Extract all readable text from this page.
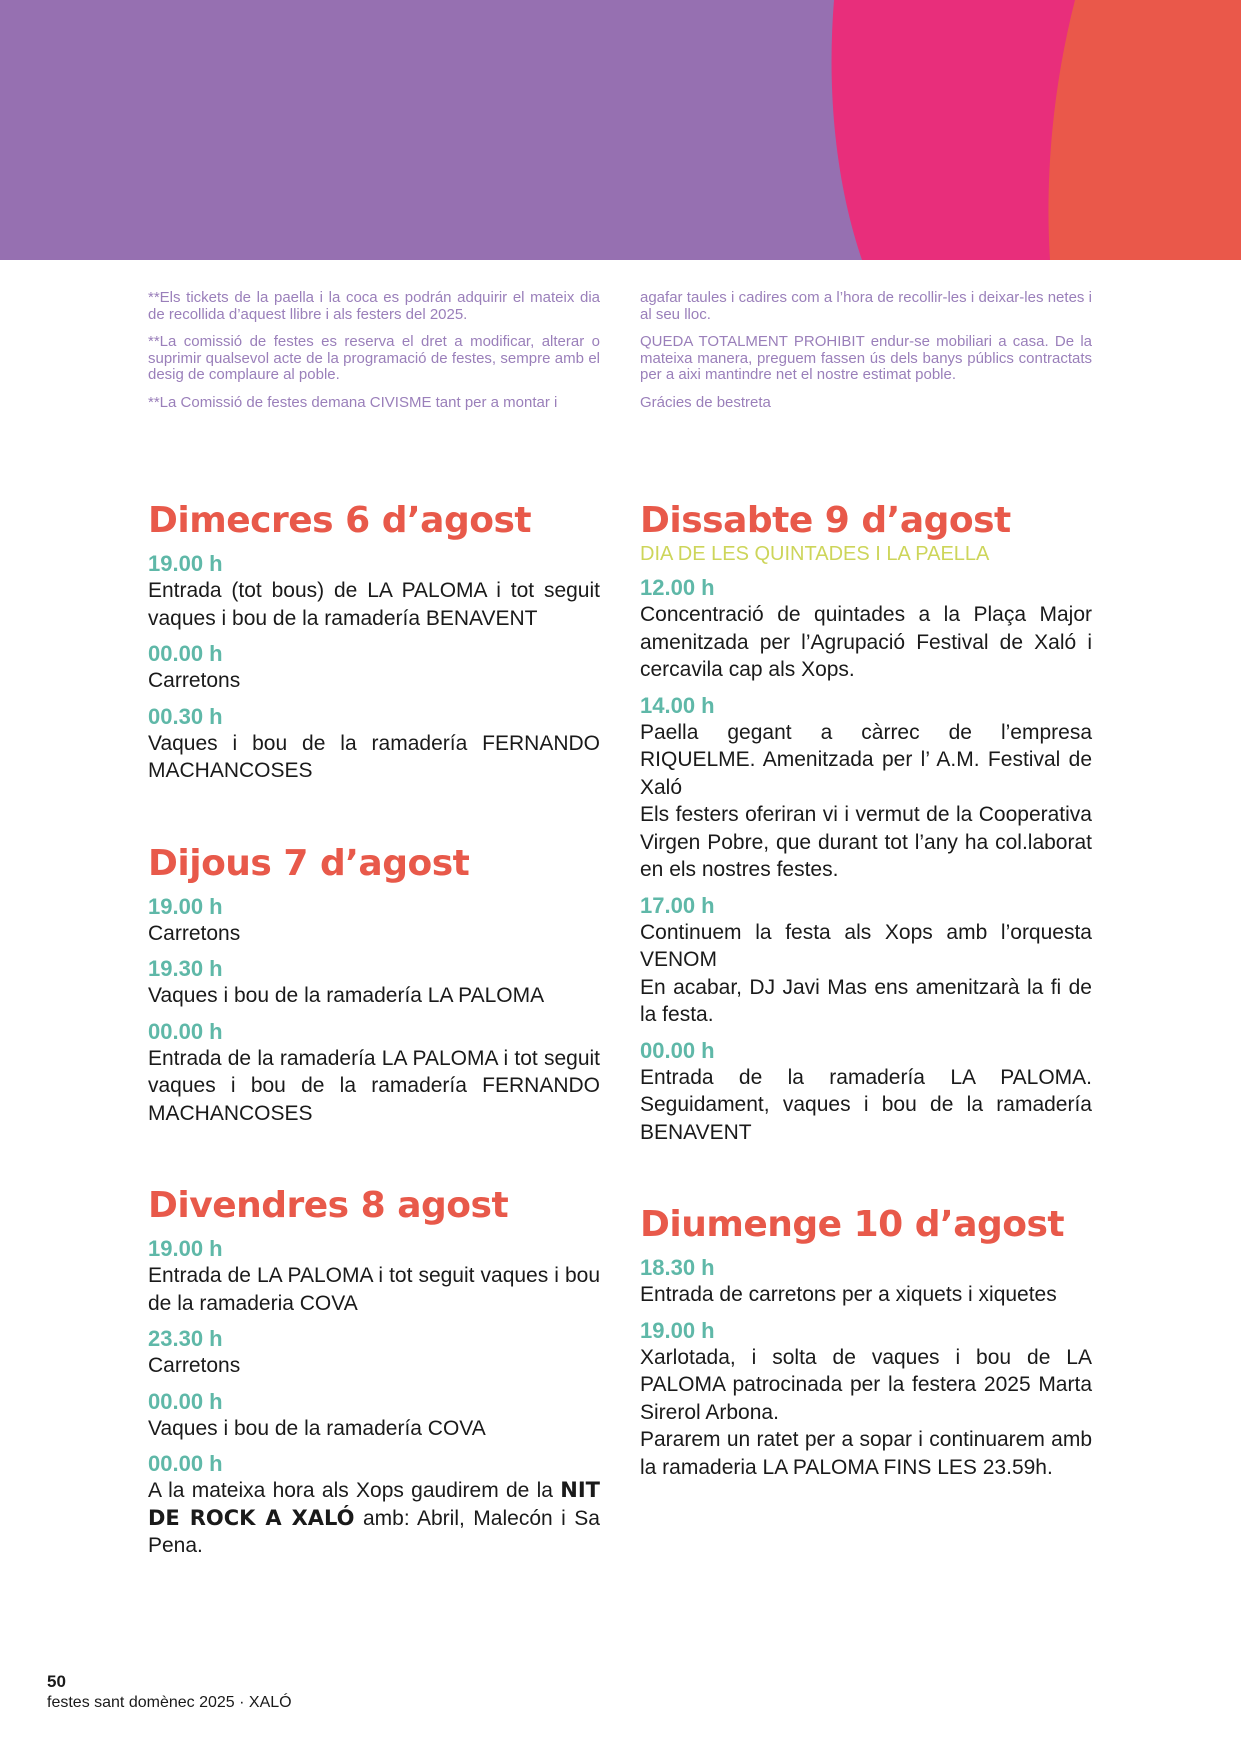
**Els tickets de la paella i la coca es podrán adquirir el mateix dia de recollida d’aquest llibre i als festers del 2025.

**La comissió de festes es reserva el dret a modificar, alterar o suprimir qualsevol acte de la programació de festes, sempre amb el desig de complaure al poble.

**La Comissió de festes demana CIVISME tant per a montar i

agafar taules i cadires com a l’hora de recollir-les i deixar-les netes i al seu lloc.

QUEDA TOTALMENT PROHIBIT endur-se mobiliari a casa. De la mateixa manera, preguem fassen ús dels banys públics contractats per a aixi mantindre net el nostre estimat poble.

Grácies de bestreta

Dimecres 6 d’agost

19.00 h

Entrada (tot bous) de LA PALOMA i tot seguit vaques i bou de la ramadería BENAVENT

00.00 h

Carretons

00.30 h

Vaques i bou de la ramadería FERNANDO MACHANCOSES

Dijous 7 d’agost

19.00 h

Carretons

19.30 h

Vaques i bou de la ramadería LA PALOMA

00.00 h

Entrada de la ramadería LA PALOMA i tot seguit vaques i bou de la ramadería FERNANDO MACHANCOSES

Divendres 8 agost

19.00 h

Entrada de LA PALOMA i tot seguit vaques i bou de la ramaderia COVA

23.30 h

Carretons

00.00 h

Vaques i bou de la ramadería COVA

00.00 h

A la mateixa hora als Xops gaudirem de la NIT DE ROCK A XALÓ amb: Abril, Malecón i Sa Pena.

Dissabte 9 d’agost

DIA DE LES QUINTADES I LA PAELLA

12.00 h

Concentració de quintades a la Plaça Major amenitzada per l’Agrupació Festival de Xaló i cercavila cap als Xops.

14.00 h

Paella gegant a càrrec de l’empresa RIQUELME. Amenitzada per l’ A.M. Festival de Xaló

Els festers oferiran vi i vermut de la Cooperativa Virgen Pobre, que durant tot l’any ha col.laborat en els nostres festes.

17.00 h

Continuem la festa als Xops amb l’orquesta VENOM

En acabar, DJ Javi Mas ens amenitzarà la fi de la festa.

00.00 h

Entrada de la ramadería LA PALOMA. Seguidament, vaques i bou de la ramadería BENAVENT

Diumenge 10 d’agost

18.30 h

Entrada de carretons per a xiquets i xiquetes

19.00 h

Xarlotada, i solta de vaques i bou de LA PALOMA patrocinada per la festera 2025 Marta Sirerol Arbona.

Pararem un ratet per a sopar i continuarem amb la ramaderia LA PALOMA FINS LES 23.59h.

50

festes sant domènec 2025 · XALÓ
